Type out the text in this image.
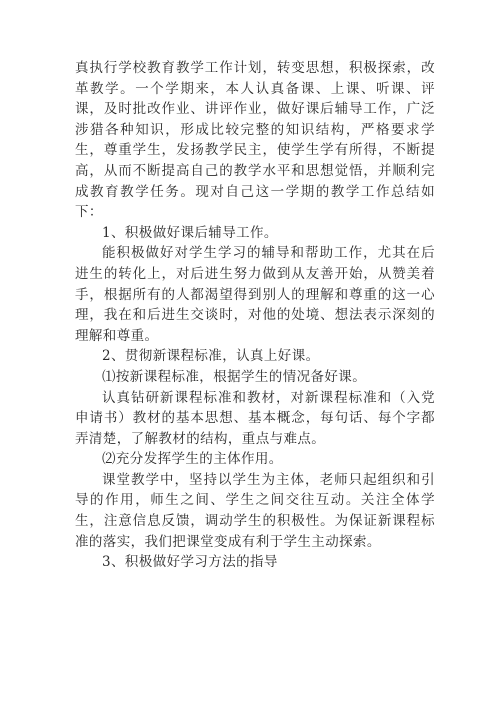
真执行学校教育教学工作计划，转变思想，积极探索，改革教学。一个学期来，本人认真备课、上课、听课、评课，及时批改作业、讲评作业，做好课后辅导工作，广泛涉猎各种知识，形成比较完整的知识结构，严格要求学生，尊重学生，发扬教学民主，使学生学有所得，不断提高，从而不断提高自己的教学水平和思想觉悟，并顺利完成教育教学任务。现对自己这一学期的教学工作总结如下：

1、积极做好课后辅导工作。

能积极做好对学生学习的辅导和帮助工作，尤其在后进生的转化上，对后进生努力做到从友善开始，从赞美着手，根据所有的人都渴望得到别人的理解和尊重的这一心理，我在和后进生交谈时，对他的处境、想法表示深刻的理解和尊重。

2、贯彻新课程标准，认真上好课。

⑴按新课程标准，根据学生的情况备好课。

认真钻研新课程标准和教材，对新课程标准和（入党申请书）教材的基本思想、基本概念，每句话、每个字都弄清楚，了解教材的结构，重点与难点。

⑵充分发挥学生的主体作用。

课堂教学中，坚持以学生为主体，老师只起组织和引导的作用，师生之间、学生之间交往互动。关注全体学生，注意信息反馈，调动学生的积极性。为保证新课程标准的落实，我们把课堂变成有利于学生主动探索。

3、积极做好学习方法的指导
